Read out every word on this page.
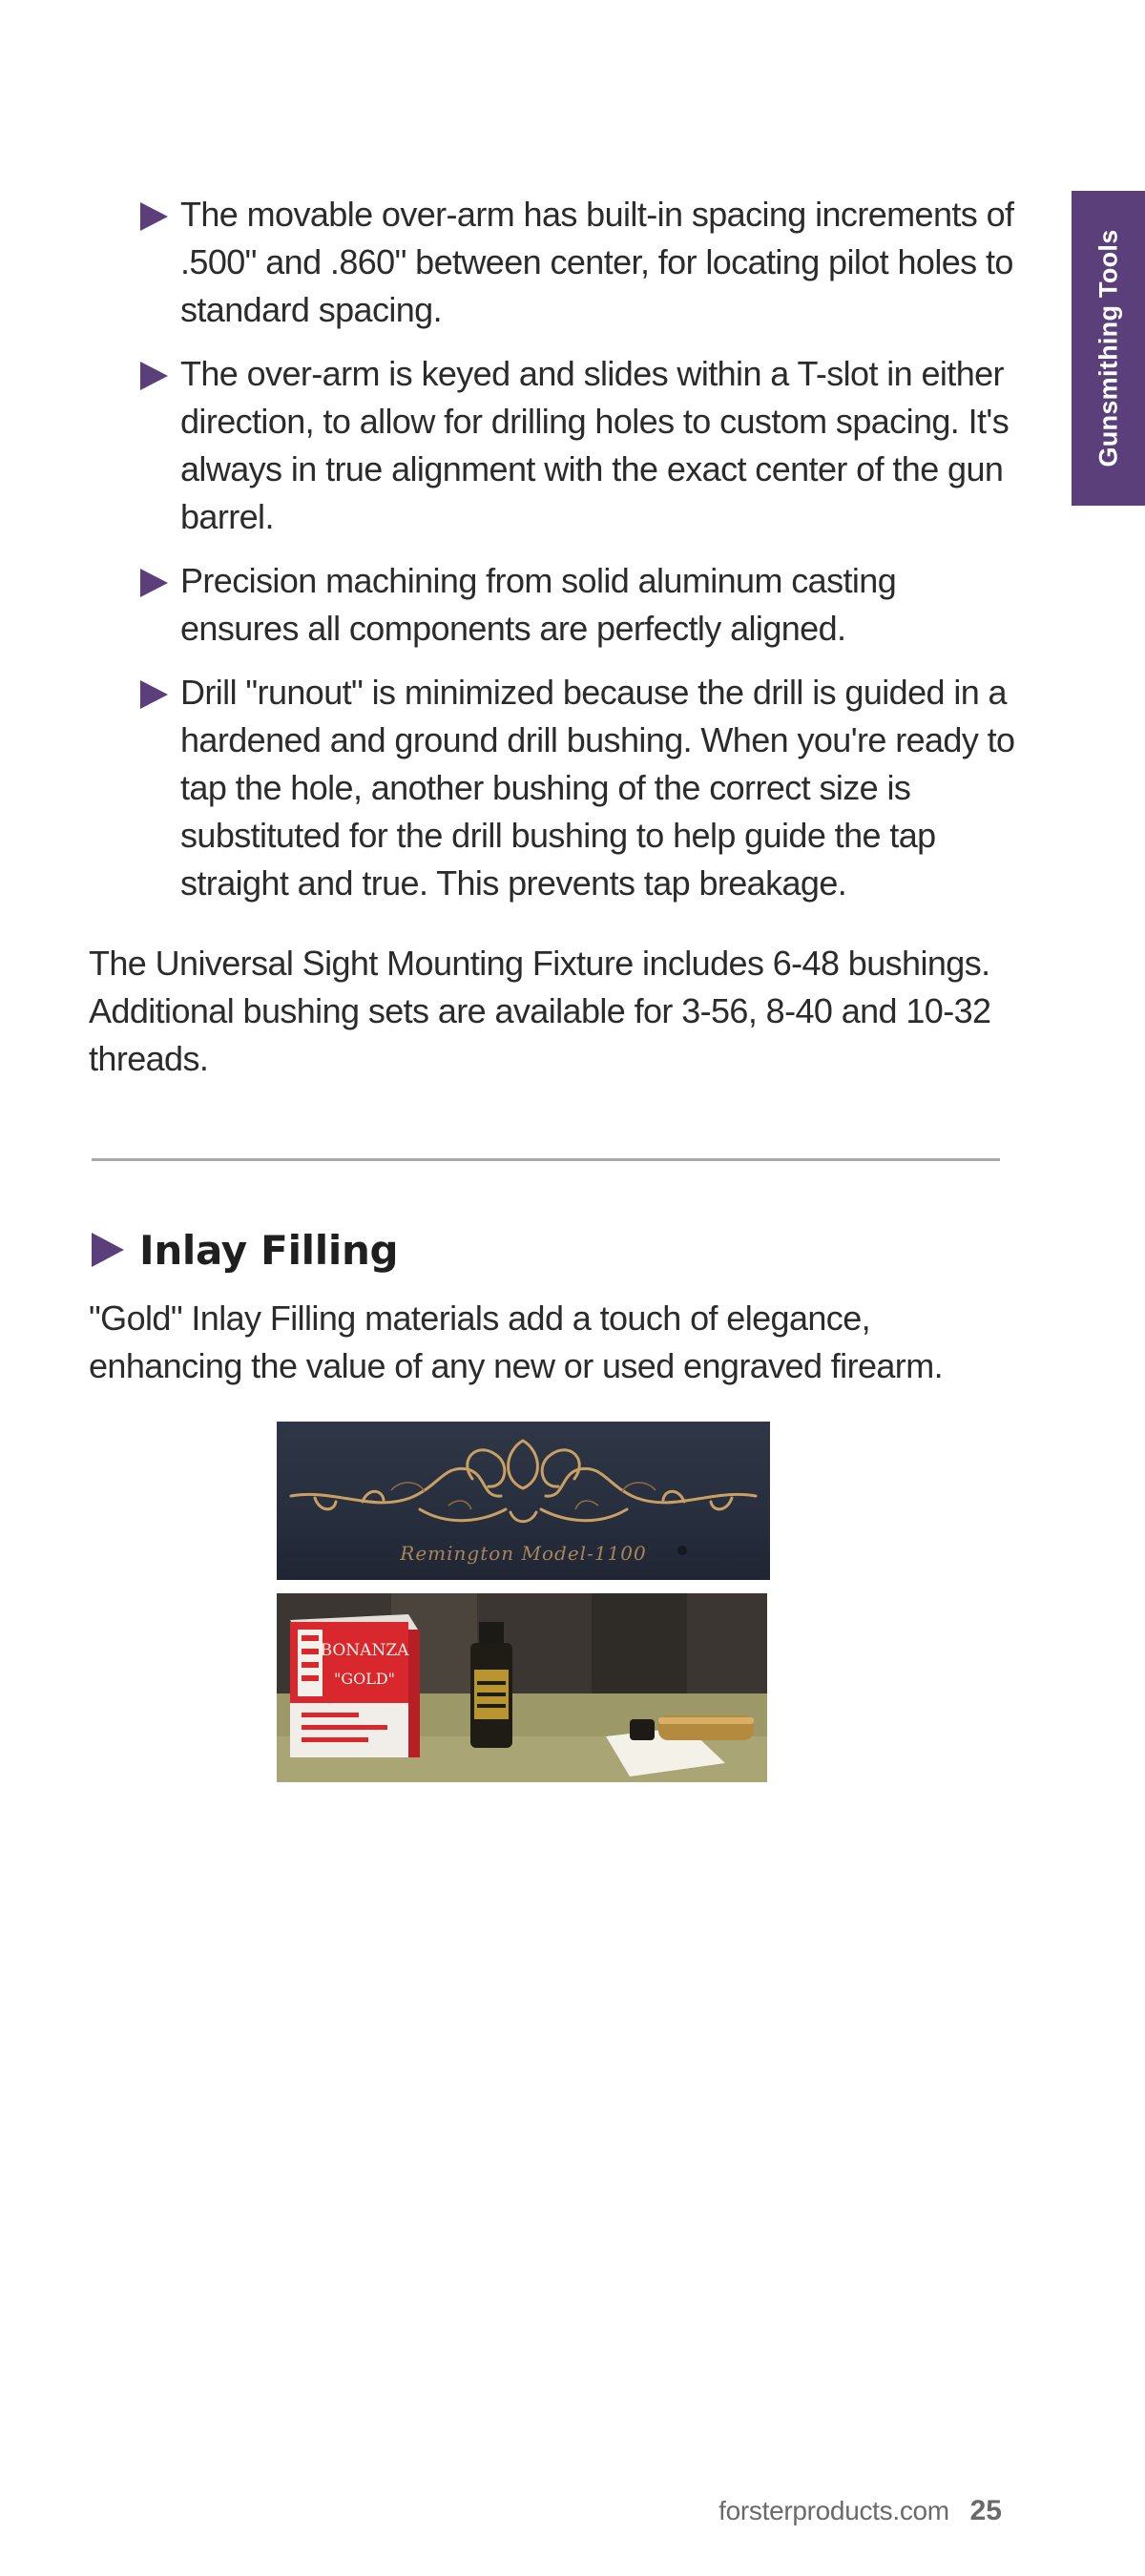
Gunsmithing Tools
The movable over-arm has built-in spacing increments of .500" and .860" between center, for locating pilot holes to standard spacing.
The over-arm is keyed and slides within a T-slot in either direction, to allow for drilling holes to custom spacing. It's always in true alignment with the exact center of the gun barrel.
Precision machining from solid aluminum casting ensures all components are perfectly aligned.
Drill "runout" is minimized because the drill is guided in a hardened and ground drill bushing. When you're ready to tap the hole, another bushing of the correct size is substituted for the drill bushing to help guide the tap straight and true. This prevents tap breakage.

The Universal Sight Mounting Fixture includes 6-48 bushings. Additional bushing sets are available for 3-56, 8-40 and 10-32 threads.

Inlay Filling

"Gold" Inlay Filling materials add a touch of elegance, enhancing the value of any new or used engraved firearm.

Remington Model-1100
BONANZA
"GOLD"
forsterproducts.com 25
